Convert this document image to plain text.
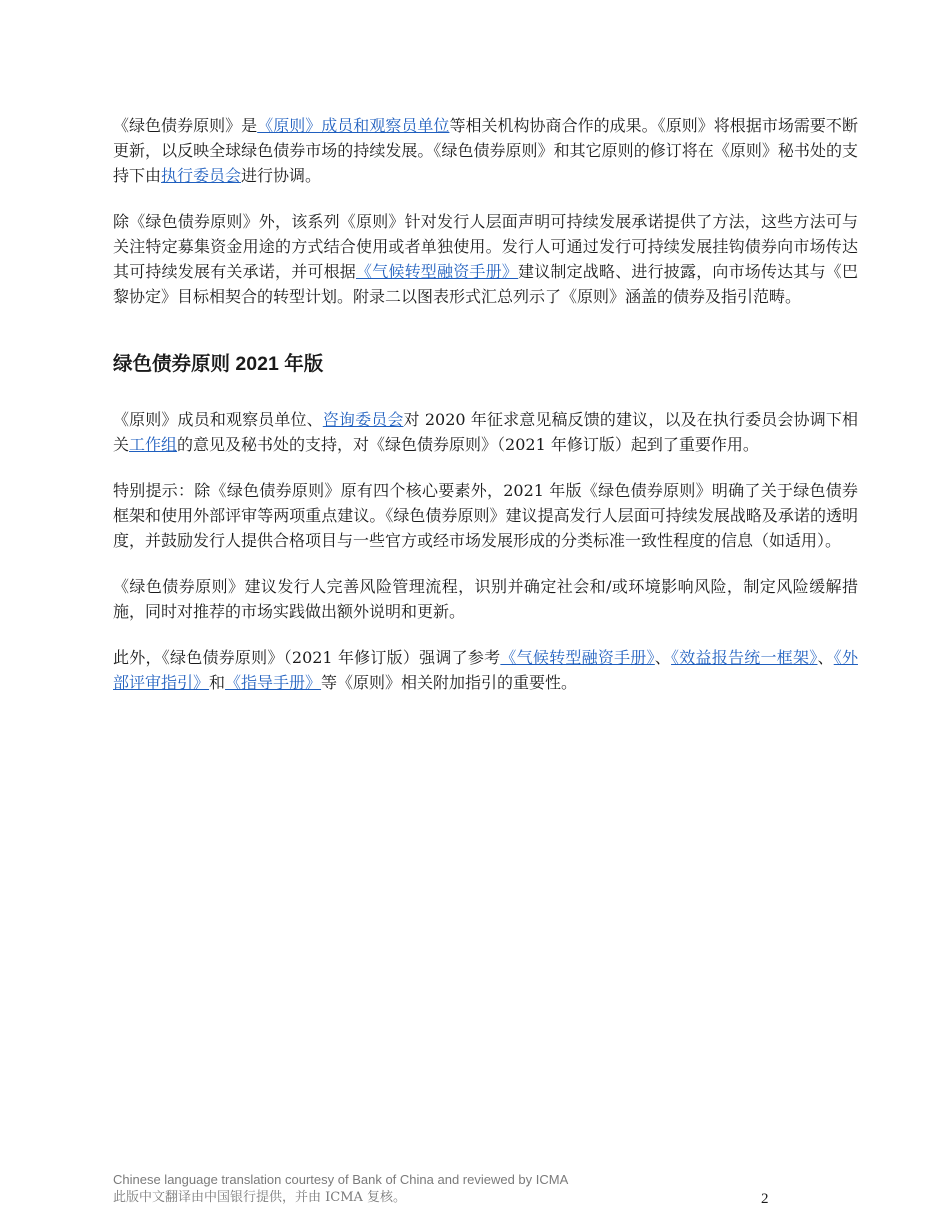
《绿色债券原则》是《原则》成员和观察员单位等相关机构协商合作的成果。《原则》将根据市场需要不断更新，以反映全球绿色债券市场的持续发展。《绿色债券原则》和其它原则的修订将在《原则》秘书处的支持下由执行委员会进行协调。

除《绿色债券原则》外，该系列《原则》针对发行人层面声明可持续发展承诺提供了方法，这些方法可与关注特定募集资金用途的方式结合使用或者单独使用。发行人可通过发行可持续发展挂钩债券向市场传达其可持续发展有关承诺，并可根据《气候转型融资手册》建议制定战略、进行披露，向市场传达其与《巴黎协定》目标相契合的转型计划。附录二以图表形式汇总列示了《原则》涵盖的债券及指引范畴。

绿色债券原则 2021 年版

《原则》成员和观察员单位、咨询委员会对 2020 年征求意见稿反馈的建议，以及在执行委员会协调下相关工作组的意见及秘书处的支持，对《绿色债券原则》（2021 年修订版）起到了重要作用。

特别提示：除《绿色债券原则》原有四个核心要素外，2021 年版《绿色债券原则》明确了关于绿色债券框架和使用外部评审等两项重点建议。《绿色债券原则》建议提高发行人层面可持续发展战略及承诺的透明度，并鼓励发行人提供合格项目与一些官方或经市场发展形成的分类标准一致性程度的信息（如适用）。

《绿色债券原则》建议发行人完善风险管理流程，识别并确定社会和/或环境影响风险，制定风险缓解措施，同时对推荐的市场实践做出额外说明和更新。

此外，《绿色债券原则》（2021 年修订版）强调了参考《气候转型融资手册》、《效益报告统一框架》、《外部评审指引》和《指导手册》等《原则》相关附加指引的重要性。

Chinese language translation courtesy of Bank of China and reviewed by ICMA
此版中文翻译由中国银行提供，并由 ICMA 复核。	2
